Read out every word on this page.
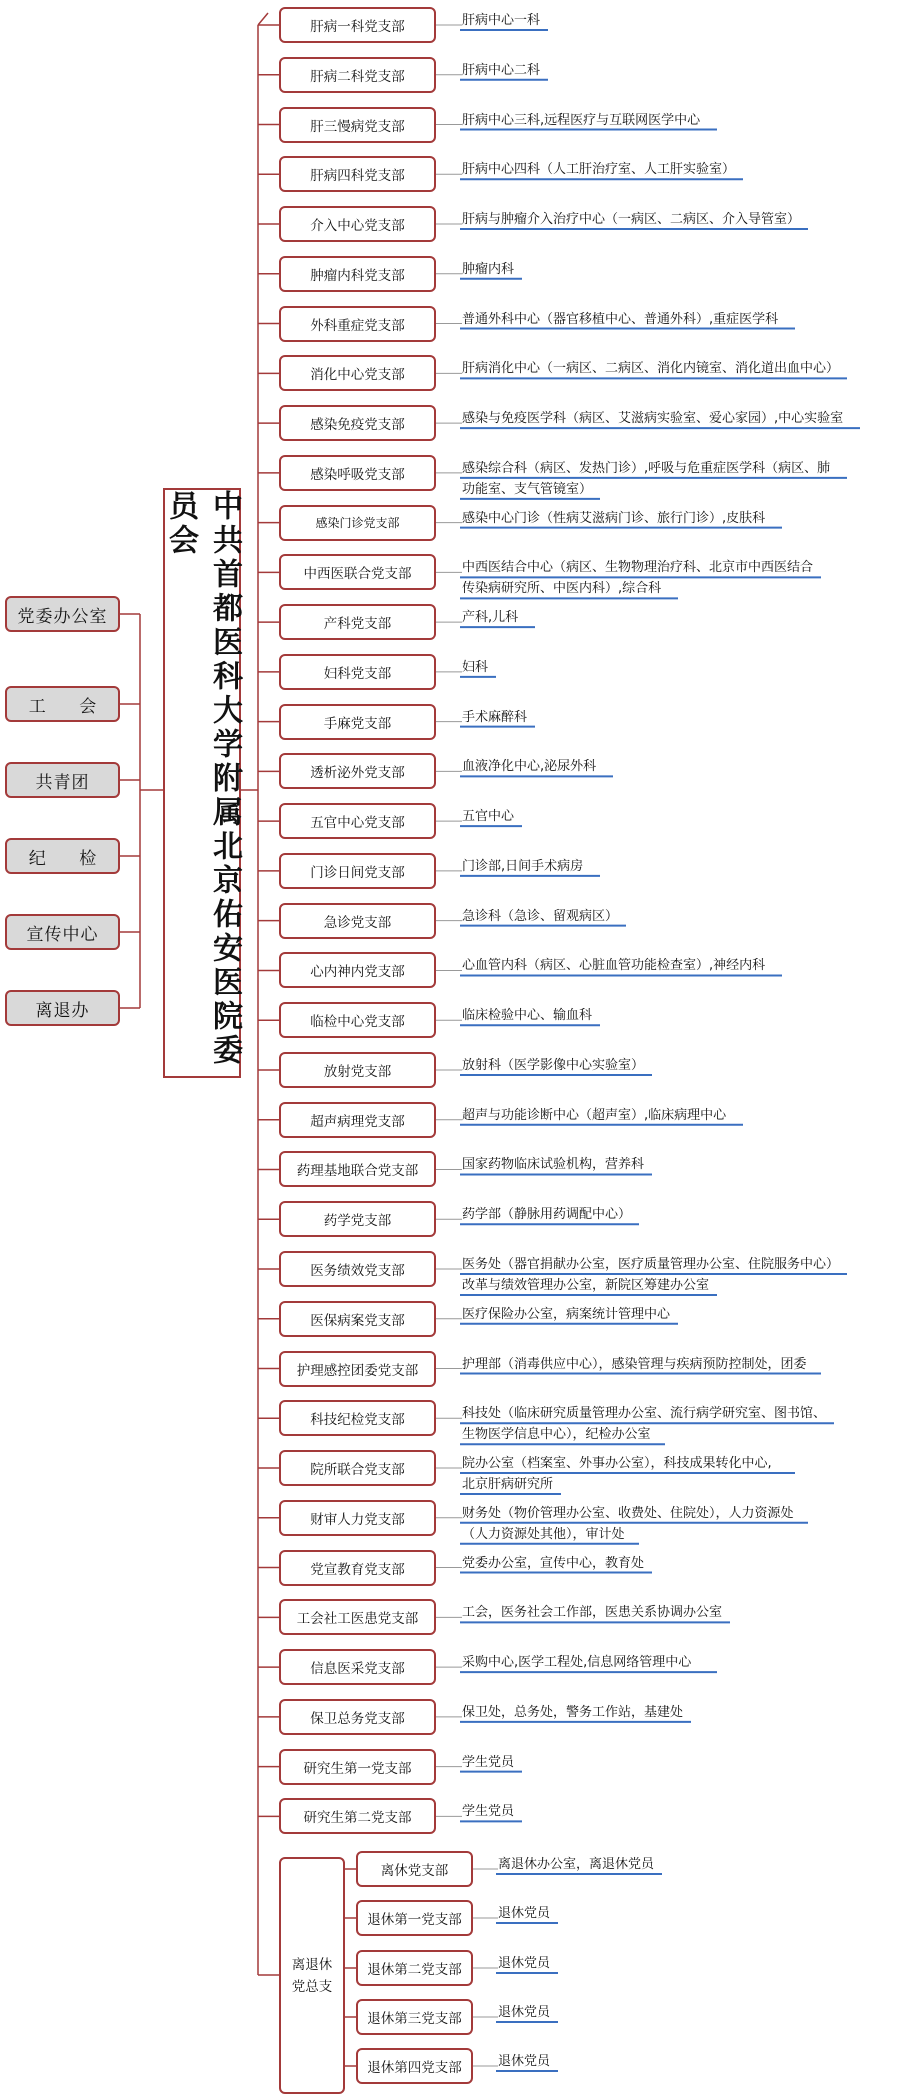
中共首都医科大学附属北京佑安医院委员会
党委办公室
工 会
共青团
纪 检
宣传中心
离退办
肝病一科党支部	肝病中心一科
肝病二科党支部	肝病中心二科
肝三慢病党支部	肝病中心三科,远程医疗与互联网医学中心
肝病四科党支部	肝病中心四科（人工肝治疗室、人工肝实验室）
介入中心党支部	肝病与肿瘤介入治疗中心（一病区、二病区、介入导管室）
肿瘤内科党支部	肿瘤内科
外科重症党支部	普通外科中心（器官移植中心、普通外科）,重症医学科
消化中心党支部	肝病消化中心（一病区、二病区、消化内镜室、消化道出血中心）
感染免疫党支部	感染与免疫医学科（病区、艾滋病实验室、爱心家园）,中心实验室
感染呼吸党支部	感染综合科（病区、发热门诊）,呼吸与危重症医学科（病区、肺
功能室、支气管镜室）
感染门诊党支部	感染中心门诊（性病艾滋病门诊、旅行门诊）,皮肤科
中西医联合党支部	中西医结合中心（病区、生物物理治疗科、北京市中西医结合
传染病研究所、中医内科）,综合科
产科党支部	产科,儿科
妇科党支部	妇科
手麻党支部	手术麻醉科
透析泌外党支部	血液净化中心,泌尿外科
五官中心党支部	五官中心
门诊日间党支部	门诊部,日间手术病房
急诊党支部	急诊科（急诊、留观病区）
心内神内党支部	心血管内科（病区、心脏血管功能检查室）,神经内科
临检中心党支部	临床检验中心、输血科
放射党支部	放射科（医学影像中心实验室）
超声病理党支部	超声与功能诊断中心（超声室）,临床病理中心
药理基地联合党支部	国家药物临床试验机构，营养科
药学党支部	药学部（静脉用药调配中心）
医务绩效党支部	医务处（器官捐献办公室，医疗质量管理办公室、住院服务中心）
改革与绩效管理办公室，新院区筹建办公室
医保病案党支部	医疗保险办公室，病案统计管理中心
护理感控团委党支部	护理部（消毒供应中心），感染管理与疾病预防控制处，团委
科技纪检党支部	科技处（临床研究质量管理办公室、流行病学研究室、图书馆、
生物医学信息中心），纪检办公室
院所联合党支部	院办公室（档案室、外事办公室），科技成果转化中心,
北京肝病研究所
财审人力党支部	财务处（物价管理办公室、收费处、住院处），人力资源处
（人力资源处其他），审计处
党宣教育党支部	党委办公室，宣传中心，教育处
工会社工医患党支部	工会，医务社会工作部，医患关系协调办公室
信息医采党支部	采购中心,医学工程处,信息网络管理中心
保卫总务党支部	保卫处，总务处，警务工作站，基建处
研究生第一党支部	学生党员
研究生第二党支部	学生党员
离退休
党总支
离休党支部	离退休办公室，离退休党员
退休第一党支部	退休党员
退休第二党支部	退休党员
退休第三党支部	退休党员
退休第四党支部	退休党员
